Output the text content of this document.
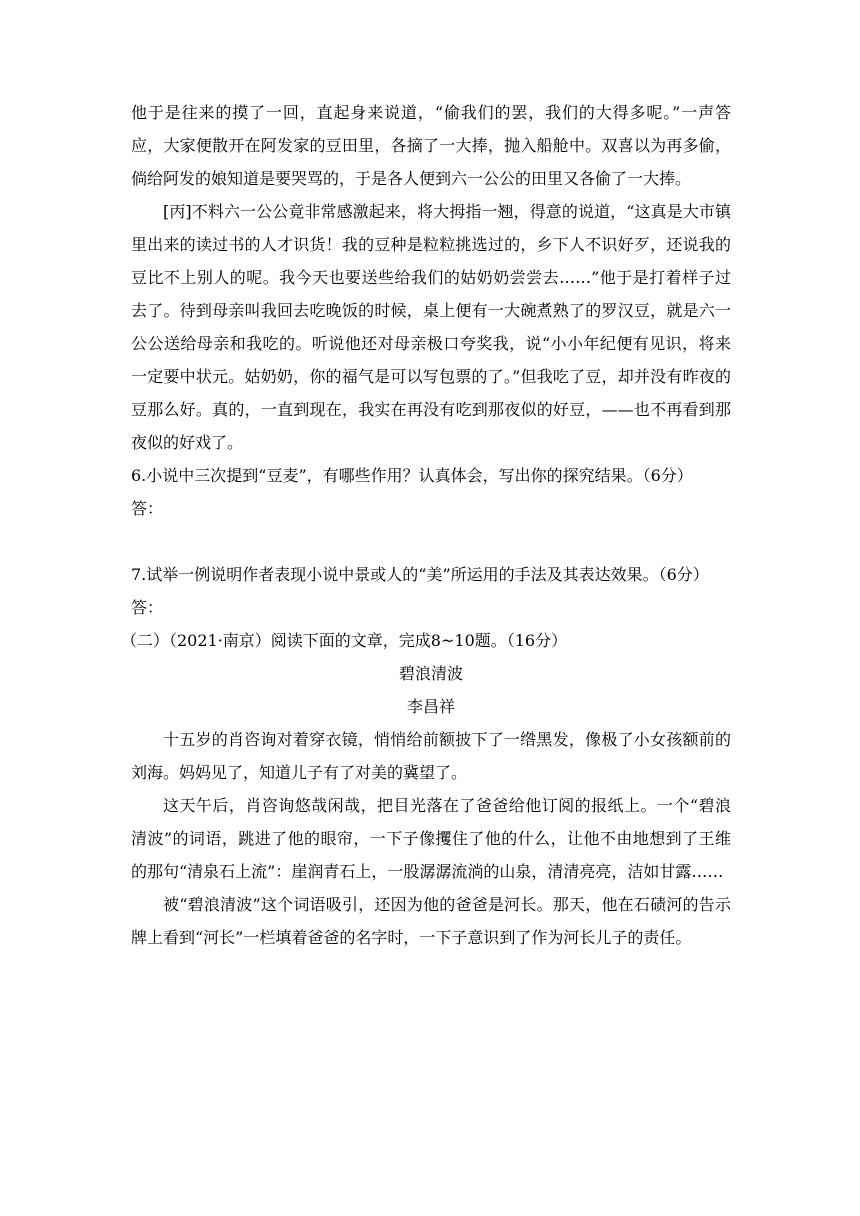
他于是往来的摸了一回，直起身来说道，“偷我们的罢，我们的大得多呢。”一声答应，大家便散开在阿发家的豆田里，各摘了一大捧，抛入船舱中。双喜以为再多偷，倘给阿发的娘知道是要哭骂的，于是各人便到六一公公的田里又各偷了一大捧。

[丙]不料六一公公竟非常感激起来，将大拇指一翘，得意的说道，“这真是大市镇里出来的读过书的人才识货！我的豆种是粒粒挑选过的，乡下人不识好歹，还说我的豆比不上别人的呢。我今天也要送些给我们的姑奶奶尝尝去……”他于是打着样子过去了。待到母亲叫我回去吃晚饭的时候，桌上便有一大碗煮熟了的罗汉豆，就是六一公公送给母亲和我吃的。听说他还对母亲极口夸奖我，说“小小年纪便有见识，将来一定要中状元。姑奶奶，你的福气是可以写包票的了。”但我吃了豆，却并没有昨夜的豆那么好。真的，一直到现在，我实在再没有吃到那夜似的好豆，——也不再看到那夜似的好戏了。

6.小说中三次提到“豆麦”，有哪些作用？认真体会，写出你的探究结果。（6分）

答：

7.试举一例说明作者表现小说中景或人的“美”所运用的手法及其表达效果。（6分）

答：

（二）（2021·南京）阅读下面的文章，完成8~10题。（16分）

碧浪清波

李昌祥

十五岁的肖咨询对着穿衣镜，悄悄给前额披下了一绺黑发，像极了小女孩额前的刘海。妈妈见了，知道儿子有了对美的冀望了。

这天午后，肖咨询悠哉闲哉，把目光落在了爸爸给他订阅的报纸上。一个“碧浪清波”的词语，跳进了他的眼帘，一下子像攫住了他的什么，让他不由地想到了王维的那句“清泉石上流”：崖润青石上，一股潺潺流淌的山泉，清清亮亮，洁如甘露……

被“碧浪清波”这个词语吸引，还因为他的爸爸是河长。那天，他在石碛河的告示牌上看到“河长”一栏填着爸爸的名字时，一下子意识到了作为河长儿子的责任。
